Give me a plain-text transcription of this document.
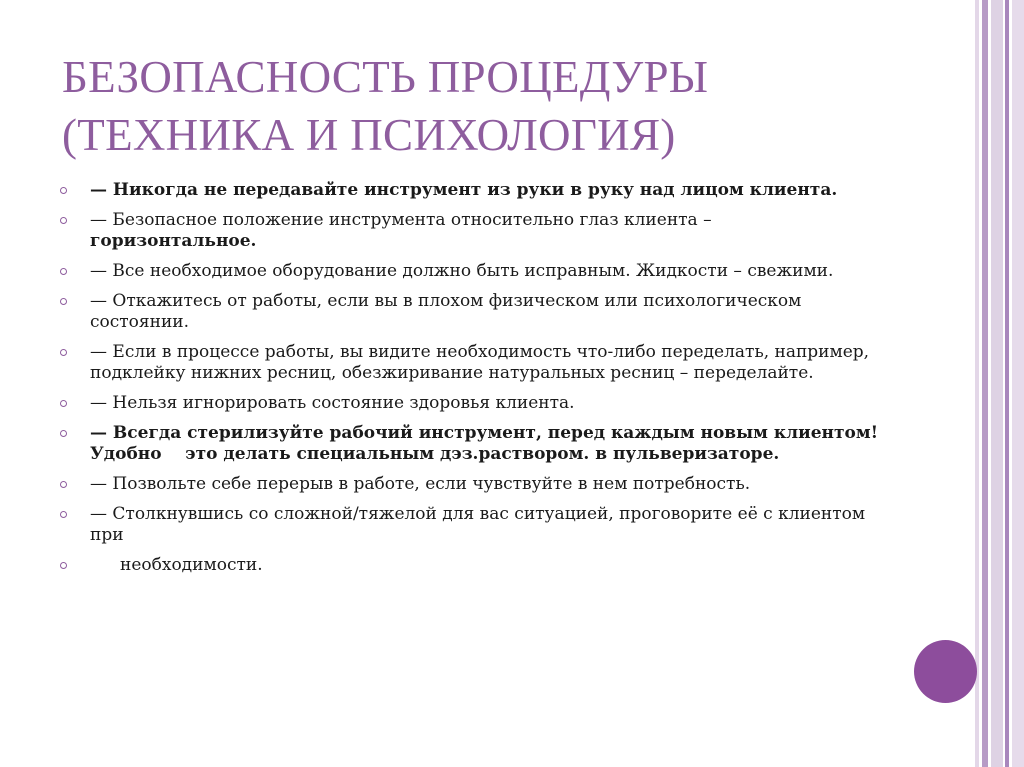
БЕЗОПАСНОСТЬ ПРОЦЕДУРЫ
(ТЕХНИКА И ПСИХОЛОГИЯ)
— Никогда не передавайте инструмент из руки в руку над лицом клиента.
— Безопасное положение инструмента относительно глаз клиента – горизонтальное.
— Все необходимое оборудование должно быть исправным. Жидкости – свежими.
— Откажитесь от работы, если вы в плохом физическом или психологическом состоянии.
— Если в процессе работы, вы видите необходимость что-либо переделать, например,      подклейку нижних ресниц, обезжиривание натуральных ресниц – переделайте.
— Нельзя игнорировать состояние здоровья клиента.
— Всегда стерилизуйте рабочий инструмент, перед каждым новым клиентом! Удобно    это делать специальным дэз.раствором. в пульверизаторе.
— Позвольте себе перерыв в работе, если чувствуйте в нем потребность.
— Столкнувшись со сложной/тяжелой для вас ситуацией, проговорите её с клиентом при
необходимости.
